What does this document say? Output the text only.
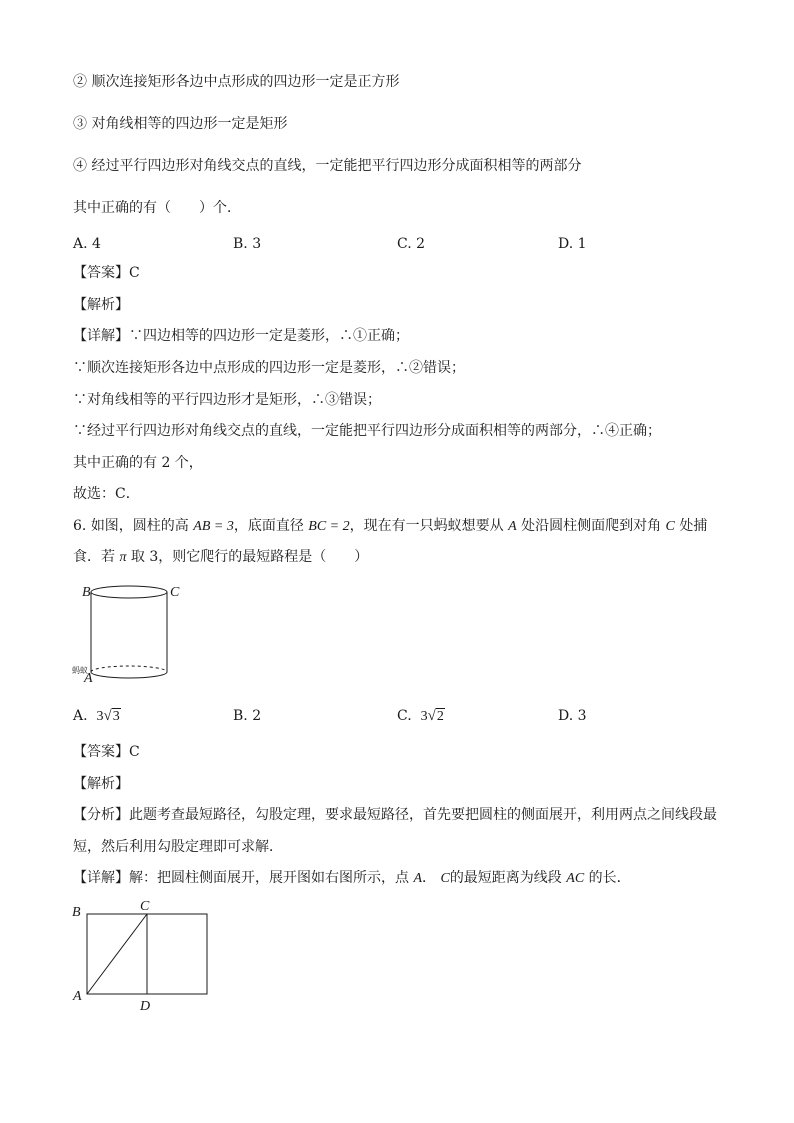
② 顺次连接矩形各边中点形成的四边形一定是正方形
③ 对角线相等的四边形一定是矩形
④ 经过平行四边形对角线交点的直线，一定能把平行四边形分成面积相等的两部分
其中正确的有（　　）个．
A. 4	B. 3	C. 2	D. 1
【答案】C
【解析】
【详解】∵四边相等的四边形一定是菱形，∴①正确；
∵顺次连接矩形各边中点形成的四边形一定是菱形，∴②错误；
∵对角线相等的平行四边形才是矩形，∴③错误；
∵经过平行四边形对角线交点的直线，一定能把平行四边形分成面积相等的两部分，∴④正确；
其中正确的有 2 个，
故选：C．
6. 如图，圆柱的高 AB = 3，底面直径 BC = 2，现在有一只蚂蚁想要从 A 处沿圆柱侧面爬到对角 C 处捕
食．若 π 取 3，则它爬行的最短路程是（　　）
B	C
A
蚂蚁
A. 3√3	B. 2	C. 3√2	D. 3
【答案】C
【解析】
【分析】此题考查最短路径，勾股定理，要求最短路径，首先要把圆柱的侧面展开，利用两点之间线段最
短，然后利用勾股定理即可求解．
【详解】解：把圆柱侧面展开，展开图如右图所示，点 A． C的最短距离为线段 AC 的长．
B	C
A
D
